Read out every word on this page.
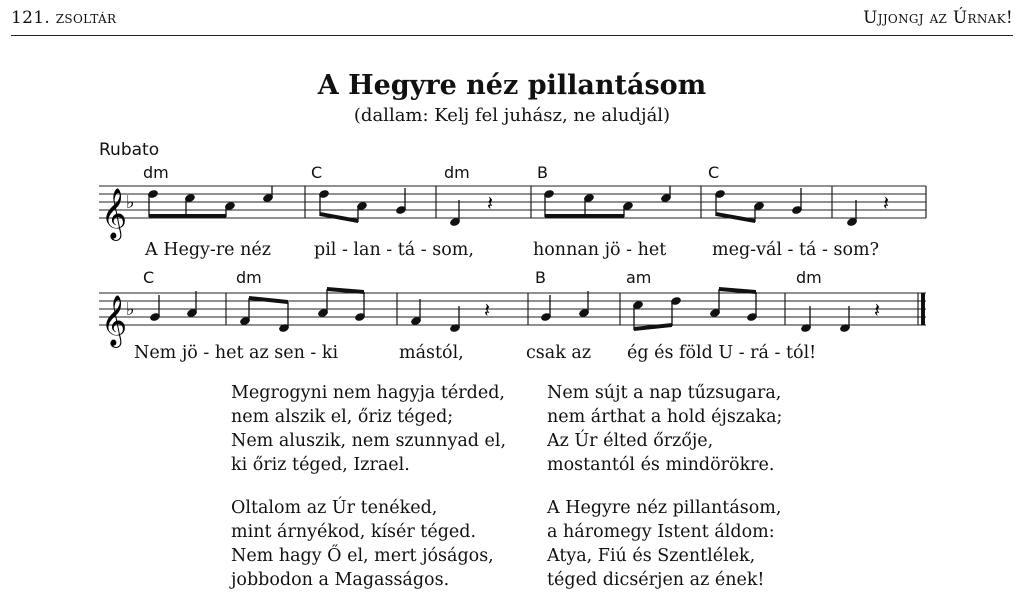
121. zsoltár	Ujjongj az Úrnak!
A Hegyre néz pillantásom
(dallam: Kelj fel juhász, ne aludjál)
Rubato
dm	C	dm	B	C
𝄞
♭	𝄽	𝄽
A Hegy-re néz pil - lan - tá - som,	honnan jö - het	meg-vál - tá - som?
C	dm	B	am	dm
𝄞
♭	𝄽	𝄽
Nem jö - het az sen - ki	mástól,	csak az ég és föld U - rá - tól!
Megrogyni nem hagyja térded,
nem alszik el, őriz téged;
Nem aluszik, nem szunnyad el,
ki őriz téged, Izrael.
Nem sújt a nap tűzsugara,
nem árthat a hold éjszaka;
Az Úr élted őrzője,
mostantól és mindörökre.
Oltalom az Úr tenéked,
mint árnyékod, kísér téged.
Nem hagy Ő el, mert jóságos,
jobbodon a Magasságos.
A Hegyre néz pillantásom,
a háromegy Istent áldom:
Atya, Fiú és Szentlélek,
téged dicsérjen az ének!
